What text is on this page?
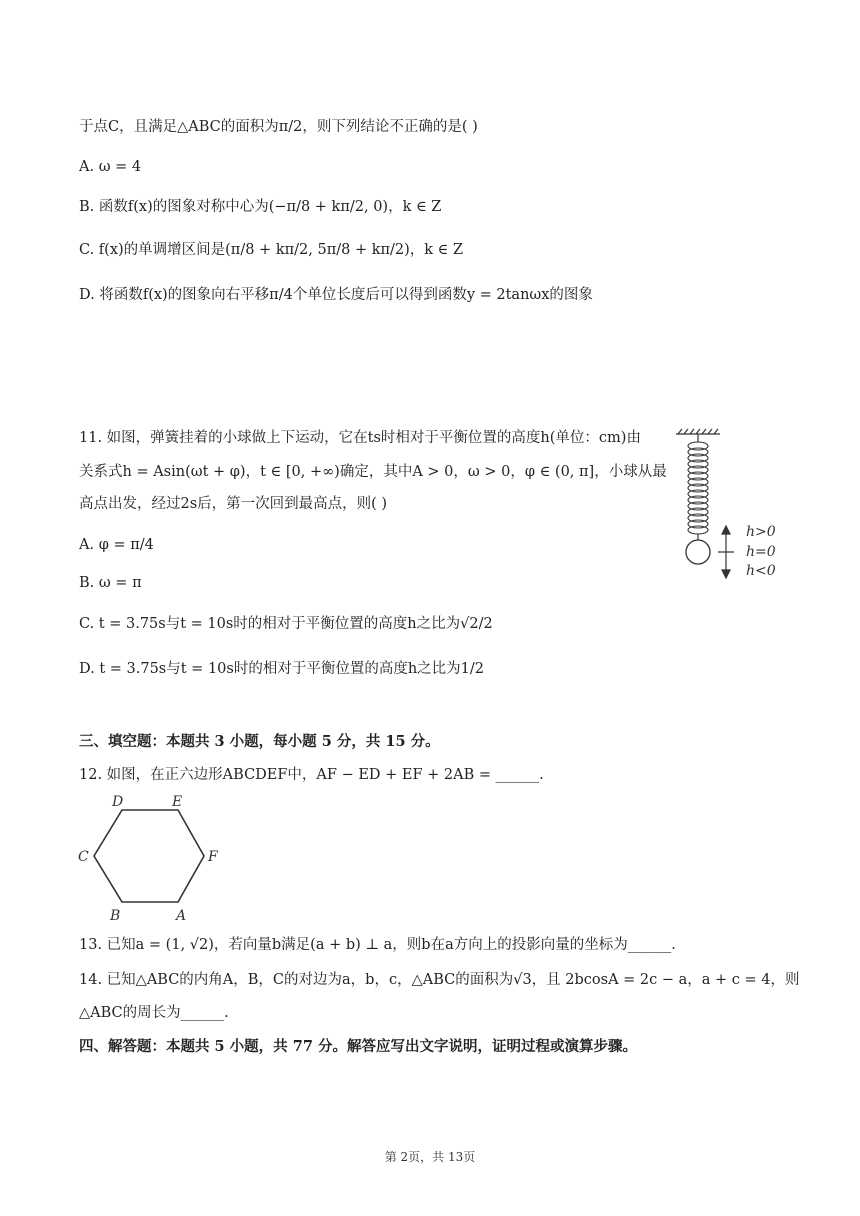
于点C，且满足△ABC的面积为π/2，则下列结论不正确的是( )
A. ω = 4
B. 函数f(x)的图象对称中心为(−π/8 + kπ/2, 0)，k ∈ Z
C. f(x)的单调增区间是(π/8 + kπ/2, 5π/8 + kπ/2)，k ∈ Z
D. 将函数f(x)的图象向右平移π/4个单位长度后可以得到函数y = 2tanωx的图象
11. 如图，弹簧挂着的小球做上下运动，它在ts时相对于平衡位置的高度h(单位：cm)由
关系式h = Asin(ωt + φ)，t ∈ [0, +∞)确定，其中A > 0，ω > 0，φ ∈ (0, π]，小球从最
高点出发，经过2s后，第一次回到最高点，则( )
A. φ = π/4
B. ω = π
C. t = 3.75s与t = 10s时的相对于平衡位置的高度h之比为√2/2
D. t = 3.75s与t = 10s时的相对于平衡位置的高度h之比为1/2
h>0
h=0
h<0
三、填空题：本题共 3 小题，每小题 5 分，共 15 分。
12. 如图，在正六边形ABCDEF中，AF − ED + EF + 2AB = ______.
D	E
C	F
B	A
13. 已知a = (1, √2)，若向量b满足(a + b) ⊥ a，则b在a方向上的投影向量的坐标为______.
14. 已知△ABC的内角A，B，C的对边为a，b，c，△ABC的面积为√3，且 2bcosA = 2c − a，a + c = 4，则
△ABC的周长为______.
四、解答题：本题共 5 小题，共 77 分。解答应写出文字说明，证明过程或演算步骤。
第 2页，共 13页
